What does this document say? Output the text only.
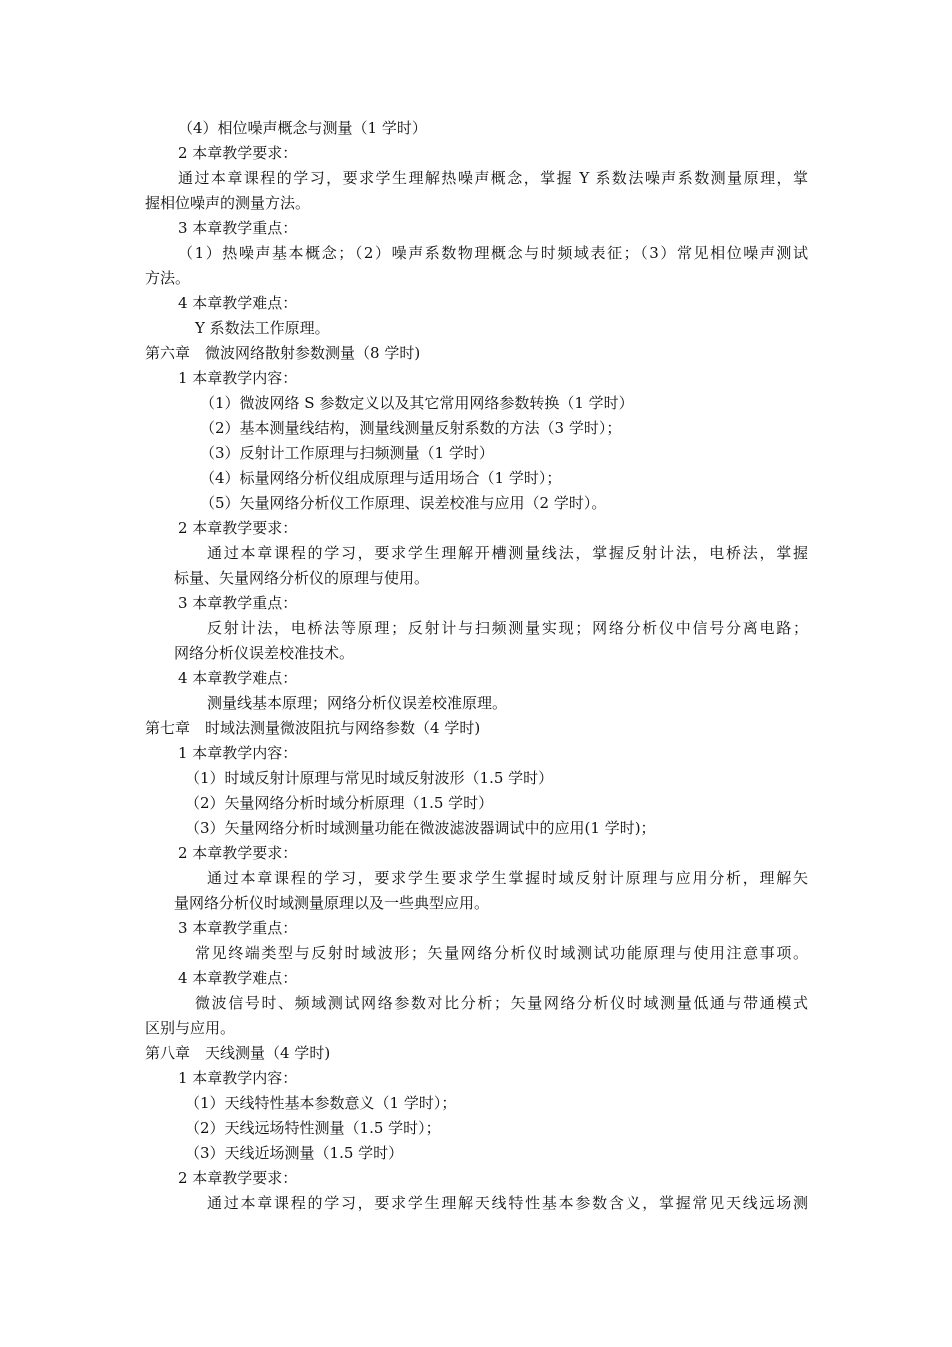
（4）相位噪声概念与测量（1 学时）

2 本章教学要求：

通过本章课程的学习，要求学生理解热噪声概念，掌握 Y 系数法噪声系数测量原理，掌

握相位噪声的测量方法。

3 本章教学重点：

（1）热噪声基本概念；（2）噪声系数物理概念与时频域表征；（3）常见相位噪声测试

方法。

4 本章教学难点：

Y 系数法工作原理。

第六章　微波网络散射参数测量（8 学时)

1 本章教学内容：

（1）微波网络 S 参数定义以及其它常用网络参数转换（1 学时）

（2）基本测量线结构，测量线测量反射系数的方法（3 学时）；

（3）反射计工作原理与扫频测量（1 学时）

（4）标量网络分析仪组成原理与适用场合（1 学时）；

（5）矢量网络分析仪工作原理、误差校准与应用（2 学时）。

2 本章教学要求：

通过本章课程的学习，要求学生理解开槽测量线法，掌握反射计法，电桥法，掌握

标量、矢量网络分析仪的原理与使用。

3 本章教学重点：

反射计法，电桥法等原理；反射计与扫频测量实现；网络分析仪中信号分离电路；

网络分析仪误差校准技术。

4 本章教学难点：

测量线基本原理；网络分析仪误差校准原理。

第七章　时域法测量微波阻抗与网络参数（4 学时)

1 本章教学内容：

（1）时域反射计原理与常见时域反射波形（1.5 学时）

（2）矢量网络分析时域分析原理（1.5 学时）

（3）矢量网络分析时域测量功能在微波滤波器调试中的应用(1 学时)；

2 本章教学要求：

通过本章课程的学习，要求学生要求学生掌握时域反射计原理与应用分析，理解矢

量网络分析仪时域测量原理以及一些典型应用。

3 本章教学重点：

常见终端类型与反射时域波形；矢量网络分析仪时域测试功能原理与使用注意事项。

4 本章教学难点：

微波信号时、频域测试网络参数对比分析；矢量网络分析仪时域测量低通与带通模式

区别与应用。

第八章　天线测量（4 学时)

1 本章教学内容：

（1）天线特性基本参数意义（1 学时）；

（2）天线远场特性测量（1.5 学时）；

（3）天线近场测量（1.5 学时）

2 本章教学要求：

通过本章课程的学习，要求学生理解天线特性基本参数含义，掌握常见天线远场测
